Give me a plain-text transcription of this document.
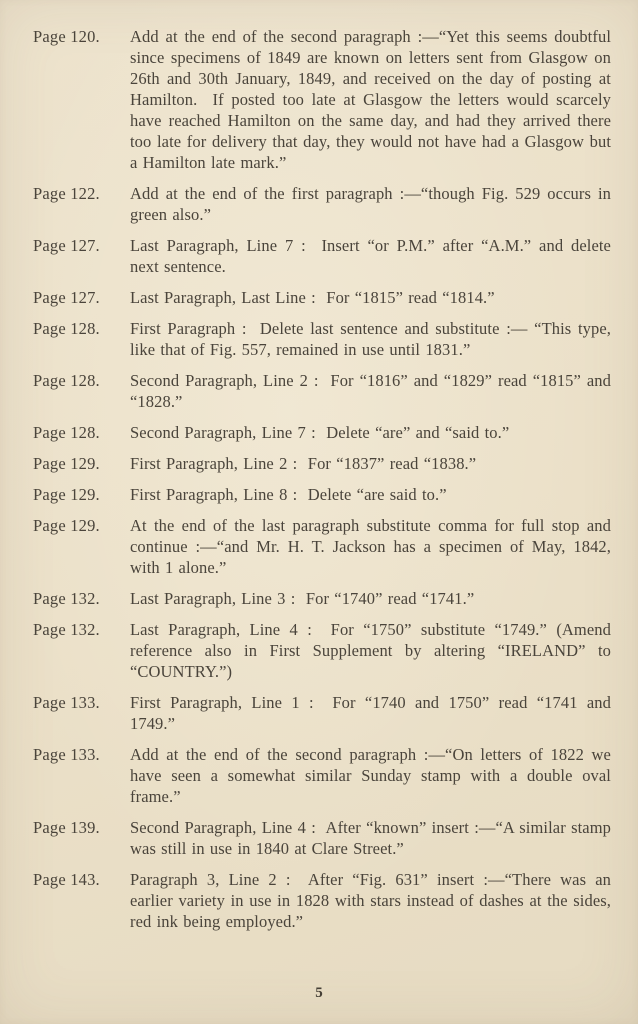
Page 120.	Add at the end of the second paragraph :—“Yet this seems doubtful since specimens of 1849 are known on letters sent from Glasgow on 26th and 30th January, 1849, and received on the day of posting at Hamilton.  If posted too late at Glasgow the letters would scarcely have reached Hamilton on the same day, and had they arrived there too late for delivery that day, they would not have had a Glasgow but a Hamilton late mark.”
Page 122.	Add at the end of the first paragraph :—“though Fig. 529 occurs in green also.”
Page 127.	Last Paragraph, Line 7 :  Insert “or P.M.” after “A.M.” and delete next sentence.
Page 127.	Last Paragraph, Last Line :  For “1815” read “1814.”
Page 128.	First Paragraph :  Delete last sentence and substitute :— “This type, like that of Fig. 557, remained in use until 1831.”
Page 128.	Second Paragraph, Line 2 :  For “1816” and “1829” read “1815” and “1828.”
Page 128.	Second Paragraph, Line 7 :  Delete “are” and “said to.”
Page 129.	First Paragraph, Line 2 :  For “1837” read “1838.”
Page 129.	First Paragraph, Line 8 :  Delete “are said to.”
Page 129.	At the end of the last paragraph substitute comma for full stop and continue :—“and Mr. H. T. Jackson has a specimen of May, 1842, with 1 alone.”
Page 132.	Last Paragraph, Line 3 :  For “1740” read “1741.”
Page 132.	Last Paragraph, Line 4 :  For “1750” substitute “1749.” (Amend reference also in First Supplement by altering “IRELAND” to “COUNTRY.”)
Page 133.	First Paragraph, Line 1 :  For “1740 and 1750” read “1741 and 1749.”
Page 133.	Add at the end of the second paragraph :—“On letters of 1822 we have seen a somewhat similar Sunday stamp with a double oval frame.”
Page 139.	Second Paragraph, Line 4 :  After “known” insert :—“A similar stamp was still in use in 1840 at Clare Street.”
Page 143.	Paragraph 3, Line 2 :  After “Fig. 631” insert :—“There was an earlier variety in use in 1828 with stars instead of dashes at the sides, red ink being employed.”
5
